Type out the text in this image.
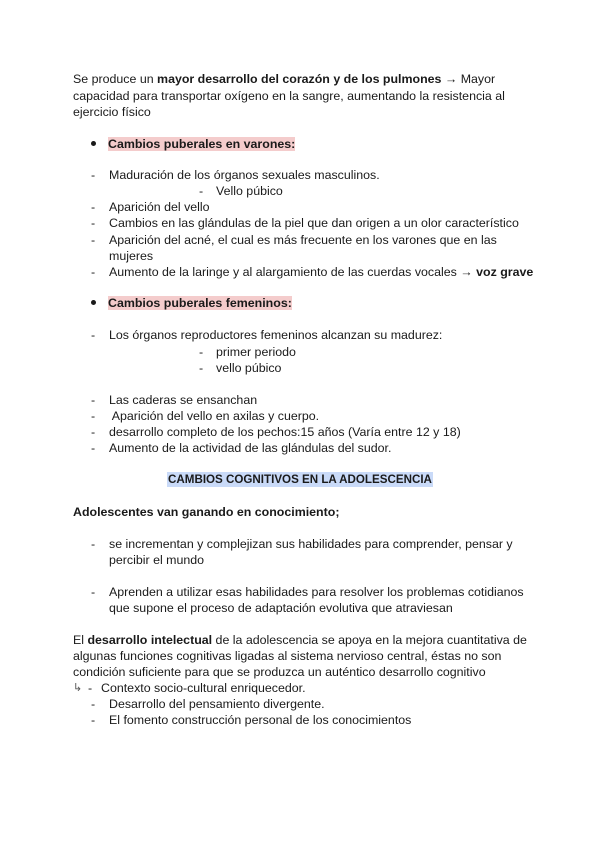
Se produce un mayor desarrollo del corazón y de los pulmones → Mayor
capacidad para transportar oxígeno en la sangre, aumentando la resistencia al
ejercicio físico
Cambios puberales en varones:
- Maduración de los órganos sexuales masculinos.
- Vello púbico
- Aparición del vello
- Cambios en las glándulas de la piel que dan origen a un olor característico
- Aparición del acné, el cual es más frecuente en los varones que en las
mujeres
- Aumento de la laringe y al alargamiento de las cuerdas vocales → voz grave
Cambios puberales femeninos:
- Los órganos reproductores femeninos alcanzan su madurez:
- primer periodo
- vello púbico
- Las caderas se ensanchan
- Aparición del vello en axilas y cuerpo.
- desarrollo completo de los pechos:15 años (Varía entre 12 y 18)
- Aumento de la actividad de las glándulas del sudor.
CAMBIOS COGNITIVOS EN LA ADOLESCENCIA
Adolescentes van ganando en conocimiento;
- se incrementan y complejizan sus habilidades para comprender, pensar y
percibir el mundo
- Aprenden a utilizar esas habilidades para resolver los problemas cotidianos
que supone el proceso de adaptación evolutiva que atraviesan
El desarrollo intelectual de la adolescencia se apoya en la mejora cuantitativa de
algunas funciones cognitivas ligadas al sistema nervioso central, éstas no son
condición suficiente para que se produzca un auténtico desarrollo cognitivo
↳ - Contexto socio-cultural enriquecedor.
- Desarrollo del pensamiento divergente.
- El fomento construcción personal de los conocimientos
